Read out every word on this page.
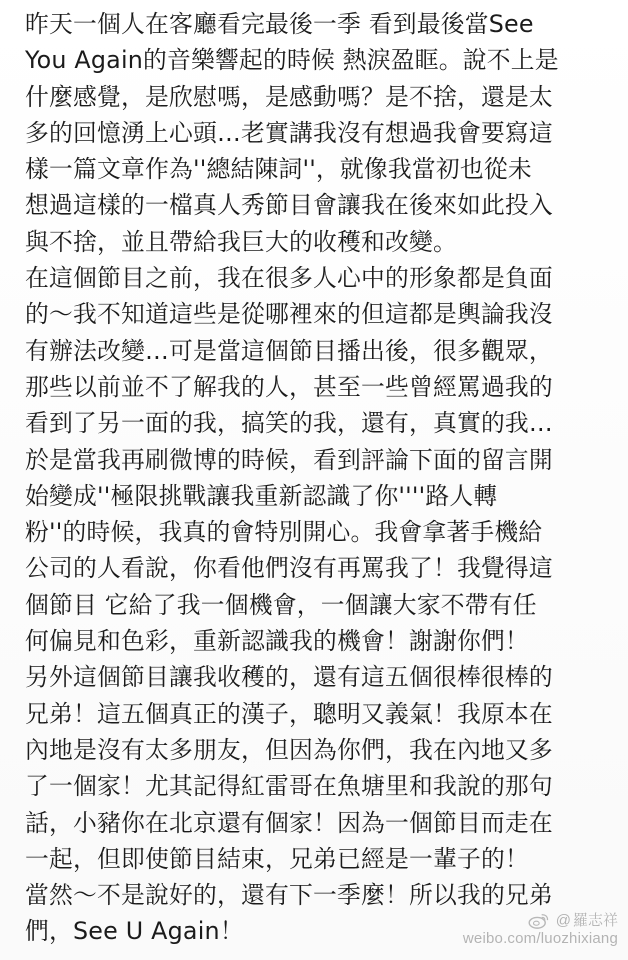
昨天一個人在客廳看完最後一季 看到最後當See
You Again的音樂響起的時候 熱淚盈眶。說不上是
什麼感覺，是欣慰嗎，是感動嗎？是不捨，還是太
多的回憶湧上心頭…老實講我沒有想過我會要寫這
樣一篇文章作為''總結陳詞''，就像我當初也從未
想過這樣的一檔真人秀節目會讓我在後來如此投入
與不捨，並且帶給我巨大的收穫和改變。
在這個節目之前，我在很多人心中的形象都是負面
的～我不知道這些是從哪裡來的但這都是輿論我沒
有辦法改變…可是當這個節目播出後，很多觀眾，
那些以前並不了解我的人，甚至一些曾經罵過我的
看到了另一面的我，搞笑的我，還有，真實的我…
於是當我再刷微博的時候，看到評論下面的留言開
始變成''極限挑戰讓我重新認識了你''''路人轉
粉''的時候，我真的會特別開心。我會拿著手機給
公司的人看說，你看他們沒有再罵我了！我覺得這
個節目 它給了我一個機會，一個讓大家不帶有任
何偏見和色彩，重新認識我的機會！謝謝你們！
另外這個節目讓我收穫的，還有這五個很棒很棒的
兄弟！這五個真正的漢子，聰明又義氣！我原本在
內地是沒有太多朋友，但因為你們，我在內地又多
了一個家！尤其記得紅雷哥在魚塘里和我說的那句
話，小豬你在北京還有個家！因為一個節目而走在
一起，但即使節目結束，兄弟已經是一輩子的！
當然～不是說好的，還有下一季麼！所以我的兄弟
們，See U Again！	@ 羅志祥
weibo.com/luozhixiang
